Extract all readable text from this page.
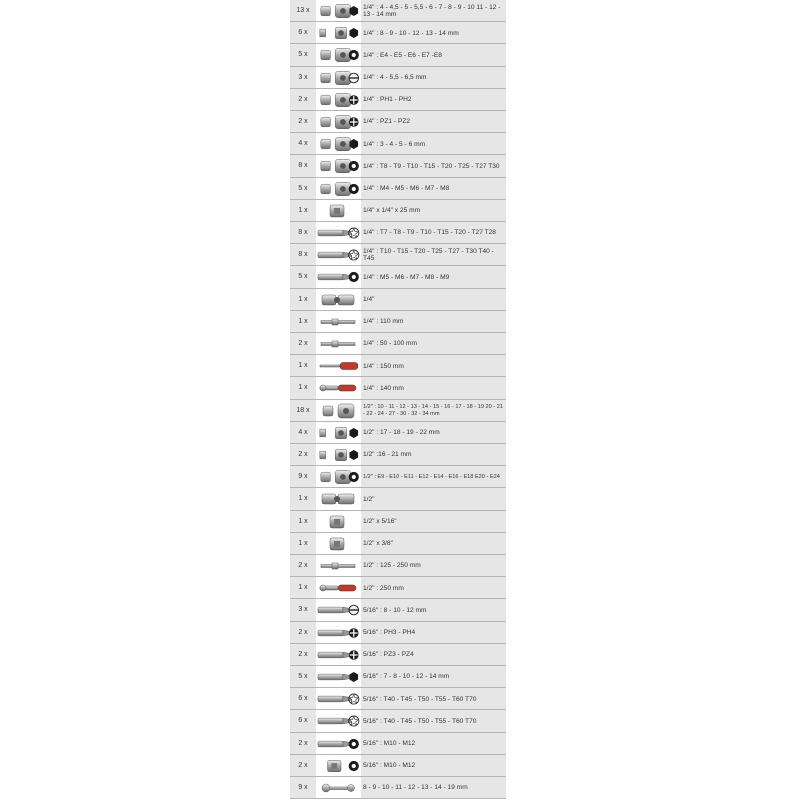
13 x	1/4" : 4 - 4,5 - 5 - 5,5 - 6 - 7 - 8 - 9 - 10 11 - 12 - 13 - 14 mm
6 x	1/4" : 8 - 9 - 10 - 12 - 13 - 14 mm
5 x	1/4" : E4 - E5 - E6 - E7 -E8
3 x	1/4" : 4 - 5,5 - 6,5 mm
2 x	1/4" : PH1 - PH2
2 x	1/4" : PZ1 - PZ2
4 x	1/4" : 3 - 4 - 5 - 6 mm
8 x	1/4" : T8 - T9 - T10 - T15 - T20 - T25 - T27 T30
5 x	1/4" : M4 - M5 - M6 - M7 - M8
1 x	1/4" x 1/4" x 25 mm
8 x	1/4" : T7 - T8 - T9 - T10 - T15 - T20 - T27 T28
8 x	1/4" : T10 - T15 - T20 - T25 - T27 - T30 T40 - T45
5 x	1/4" : M5 - M6 - M7 - M8 - M9
1 x	1/4"
1 x	1/4" : 110 mm
2 x	1/4" : 50 - 100 mm
1 x	1/4" : 150 mm
1 x	1/4" : 140 mm
18 x	1/2" : 10 - 11 - 12 - 13 - 14 - 15 - 16 - 17 - 18 - 19 20 - 21 - 22 - 24 - 27 - 30 - 32 - 34 mm
4 x	1/2" : 17 - 18 - 19 - 22 mm
2 x	1/2" :16 - 21 mm
9 x	1/2" : E9 - E10 - E11 - E12 - E14 - E16 - E18 E20 - E24
1 x	1/2"
1 x	1/2" x 5/16"
1 x	1/2" x 3/8"
2 x	1/2" : 125 - 250 mm
1 x	1/2" : 250 mm
3 x	5/16" : 8 - 10 - 12 mm
2 x	5/16" : PH3 - PH4
2 x	5/16" : PZ3 - PZ4
5 x	5/16" : 7 - 8 - 10 - 12 - 14 mm
6 x	5/16" : T40 - T45 - T50 - T55 - T60 T70
6 x	5/16" : T40 - T45 - T50 - T55 - T60 T70
2 x	5/16" : M10 - M12
2 x	5/16" : M10 - M12
9 x	8 - 9 - 10 - 11 - 12 - 13 - 14 - 19 mm
